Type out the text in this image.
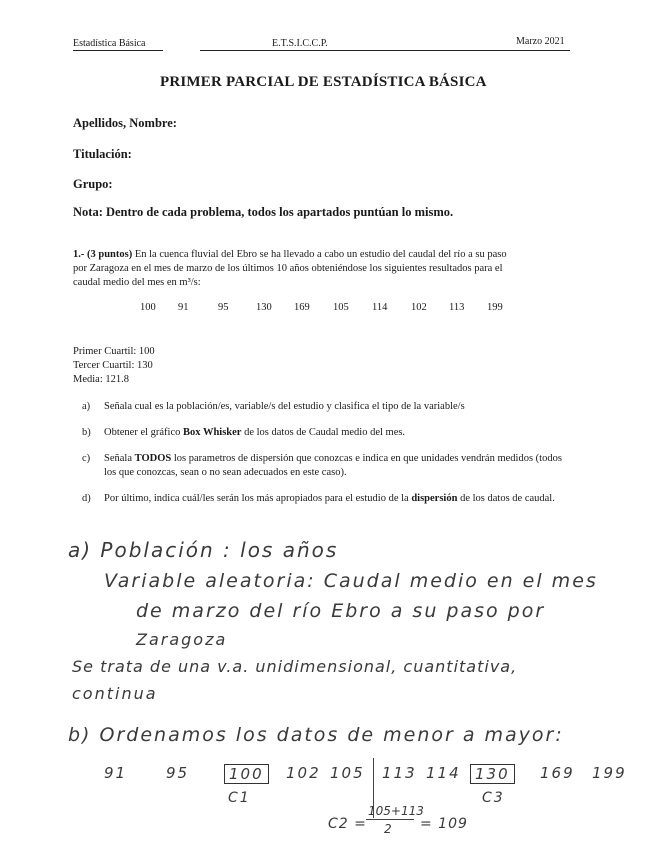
Estadística Básica	E.T.S.I.C.C.P.	Marzo 2021
PRIMER PARCIAL DE ESTADÍSTICA BÁSICA
Apellidos, Nombre:
Titulación:
Grupo:
Nota: Dentro de cada problema, todos los apartados puntúan lo mismo.
1.- (3 puntos) En la cuenca fluvial del Ebro se ha llevado a cabo un estudio del caudal del río a su paso
por Zaragoza en el mes de marzo de los últimos 10 años obteniéndose los siguientes resultados para el
caudal medio del mes en m³/s:
100 91	95	130 169 105 114 102 113 199
Primer Cuartil: 100
Tercer Cuartil: 130
Media: 121.8
a) Señala cual es la población/es, variable/s del estudio y clasifica el tipo de la variable/s
b) Obtener el gráfico Box Whisker de los datos de Caudal medio del mes.
c) Señala TODOS los parametros de dispersión que conozcas e indica en que unidades vendrán medidos (todos los que conozcas, sean o no sean adecuados en este caso).
d) Por último, indica cuál/les serán los más apropiados para el estudio de la dispersión de los datos de caudal.
a) Población : los años
Variable aleatoria: Caudal medio en el mes
de marzo del río Ebro a su paso por
Zaragoza
Se trata de una v.a. unidimensional, cuantitativa,
continua
b) Ordenamos los datos de menor a mayor:
91	95	100	102 105 113 114 130	169 199
C1	C3
C2 =
105+113
2 = 109
